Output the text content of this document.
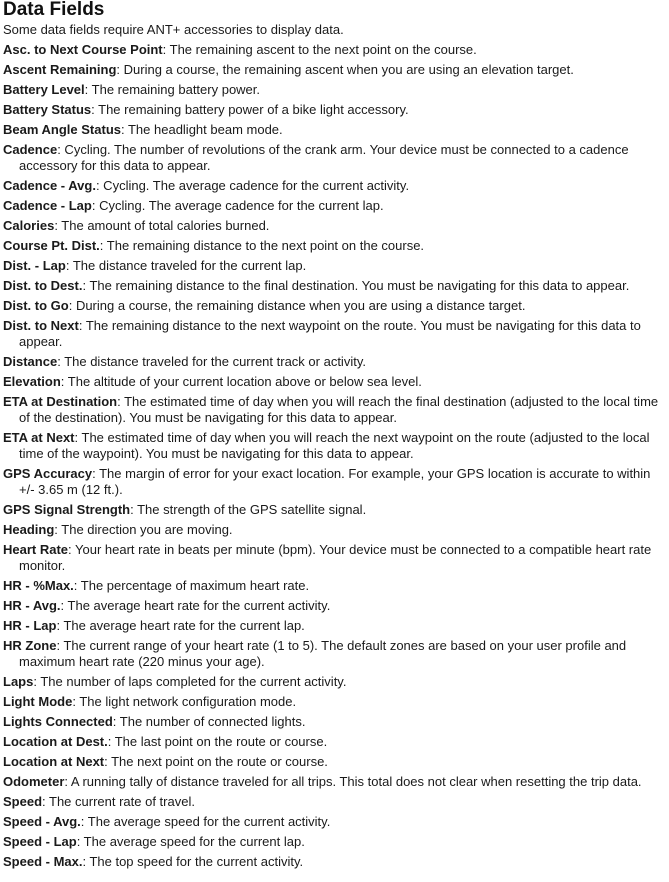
Data Fields

Some data fields require ANT+ accessories to display data.

Asc. to Next Course Point: The remaining ascent to the next point on the course.
Ascent Remaining: During a course, the remaining ascent when you are using an elevation target.
Battery Level: The remaining battery power.
Battery Status: The remaining battery power of a bike light accessory.
Beam Angle Status: The headlight beam mode.
Cadence: Cycling. The number of revolutions of the crank arm. Your device must be connected to a cadence accessory for this data to appear.
Cadence - Avg.: Cycling. The average cadence for the current activity.
Cadence - Lap: Cycling. The average cadence for the current lap.
Calories: The amount of total calories burned.
Course Pt. Dist.: The remaining distance to the next point on the course.
Dist. - Lap: The distance traveled for the current lap.
Dist. to Dest.: The remaining distance to the final destination. You must be navigating for this data to appear.
Dist. to Go: During a course, the remaining distance when you are using a distance target.
Dist. to Next: The remaining distance to the next waypoint on the route. You must be navigating for this data to appear.
Distance: The distance traveled for the current track or activity.
Elevation: The altitude of your current location above or below sea level.
ETA at Destination: The estimated time of day when you will reach the final destination (adjusted to the local time of the destination). You must be navigating for this data to appear.
ETA at Next: The estimated time of day when you will reach the next waypoint on the route (adjusted to the local time of the waypoint). You must be navigating for this data to appear.
GPS Accuracy: The margin of error for your exact location. For example, your GPS location is accurate to within +/- 3.65 m (12 ft.).
GPS Signal Strength: The strength of the GPS satellite signal.
Heading: The direction you are moving.
Heart Rate: Your heart rate in beats per minute (bpm). Your device must be connected to a compatible heart rate monitor.
HR - %Max.: The percentage of maximum heart rate.
HR - Avg.: The average heart rate for the current activity.
HR - Lap: The average heart rate for the current lap.
HR Zone: The current range of your heart rate (1 to 5). The default zones are based on your user profile and maximum heart rate (220 minus your age).
Laps: The number of laps completed for the current activity.
Light Mode: The light network configuration mode.
Lights Connected: The number of connected lights.
Location at Dest.: The last point on the route or course.
Location at Next: The next point on the route or course.
Odometer: A running tally of distance traveled for all trips. This total does not clear when resetting the trip data.
Speed: The current rate of travel.
Speed - Avg.: The average speed for the current activity.
Speed - Lap: The average speed for the current lap.
Speed - Max.: The top speed for the current activity.
